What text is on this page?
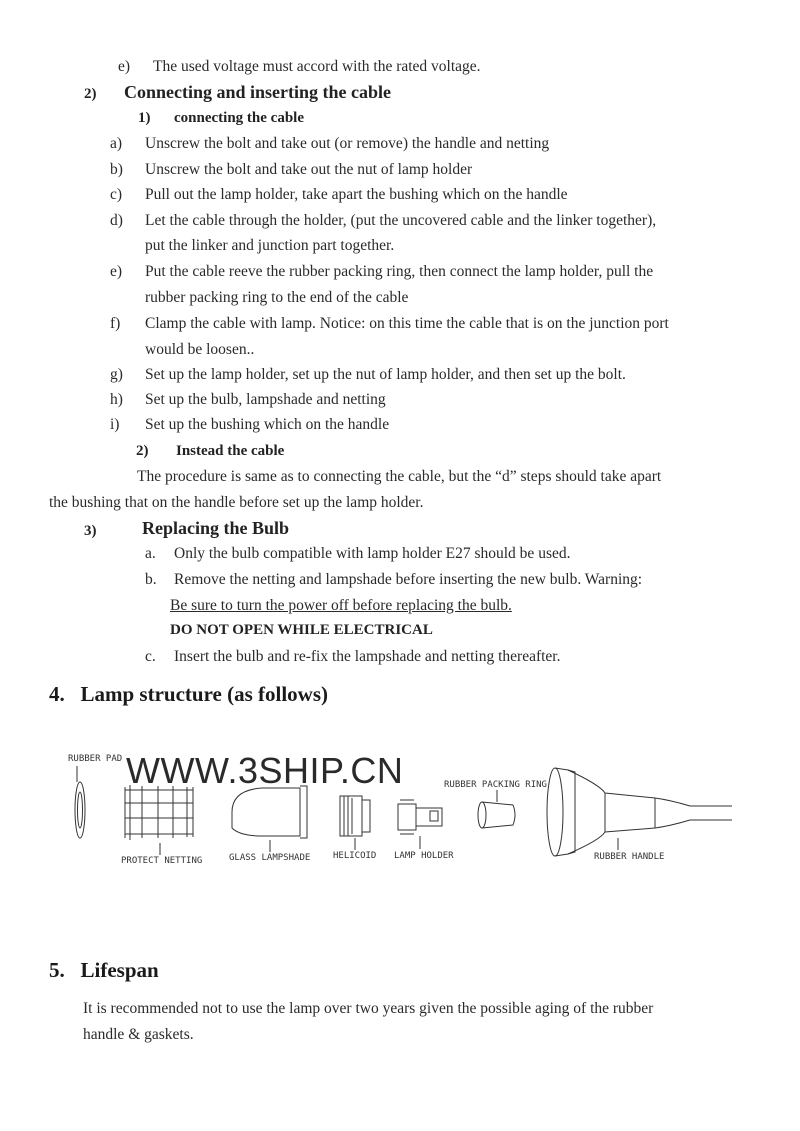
e) The used voltage must accord with the rated voltage.
2) Connecting and inserting the cable
1) connecting the cable
a) Unscrew the bolt and take out (or remove) the handle and netting
b) Unscrew the bolt and take out the nut of lamp holder
c) Pull out the lamp holder, take apart the bushing which on the handle
d) Let the cable through the holder, (put the uncovered cable and the linker together),
put the linker and junction part together.
e) Put the cable reeve the rubber packing ring, then connect the lamp holder, pull the
rubber packing ring to the end of the cable
f) Clamp the cable with lamp. Notice: on this time the cable that is on the junction port
would be loosen..
g) Set up the lamp holder, set up the nut of lamp holder, and then set up the bolt.
h) Set up the bulb, lampshade and netting
i) Set up the bushing which on the handle
2) Instead the cable
The procedure is same as to connecting the cable, but the “d” steps should take apart
the bushing that on the handle before set up the lamp holder.
3)	Replacing the Bulb
a. Only the bulb compatible with lamp holder E27 should be used.
b. Remove the netting and lampshade before inserting the new bulb. Warning:
Be sure to turn the power off before replacing the bulb.
DO NOT OPEN WHILE ELECTRICAL
c. Insert the bulb and re-fix the lampshade and netting thereafter.
4.   Lamp structure (as follows)
WWW.3SHIP.CN
RUBBER PAD
PROTECT NETTING	GLASS LAMPSHADE	HELICOID LAMP HOLDER
RUBBER PACKING RING
RUBBER HANDLE
5.   Lifespan
It is recommended not to use the lamp over two years given the possible aging of the rubber
handle & gaskets.
